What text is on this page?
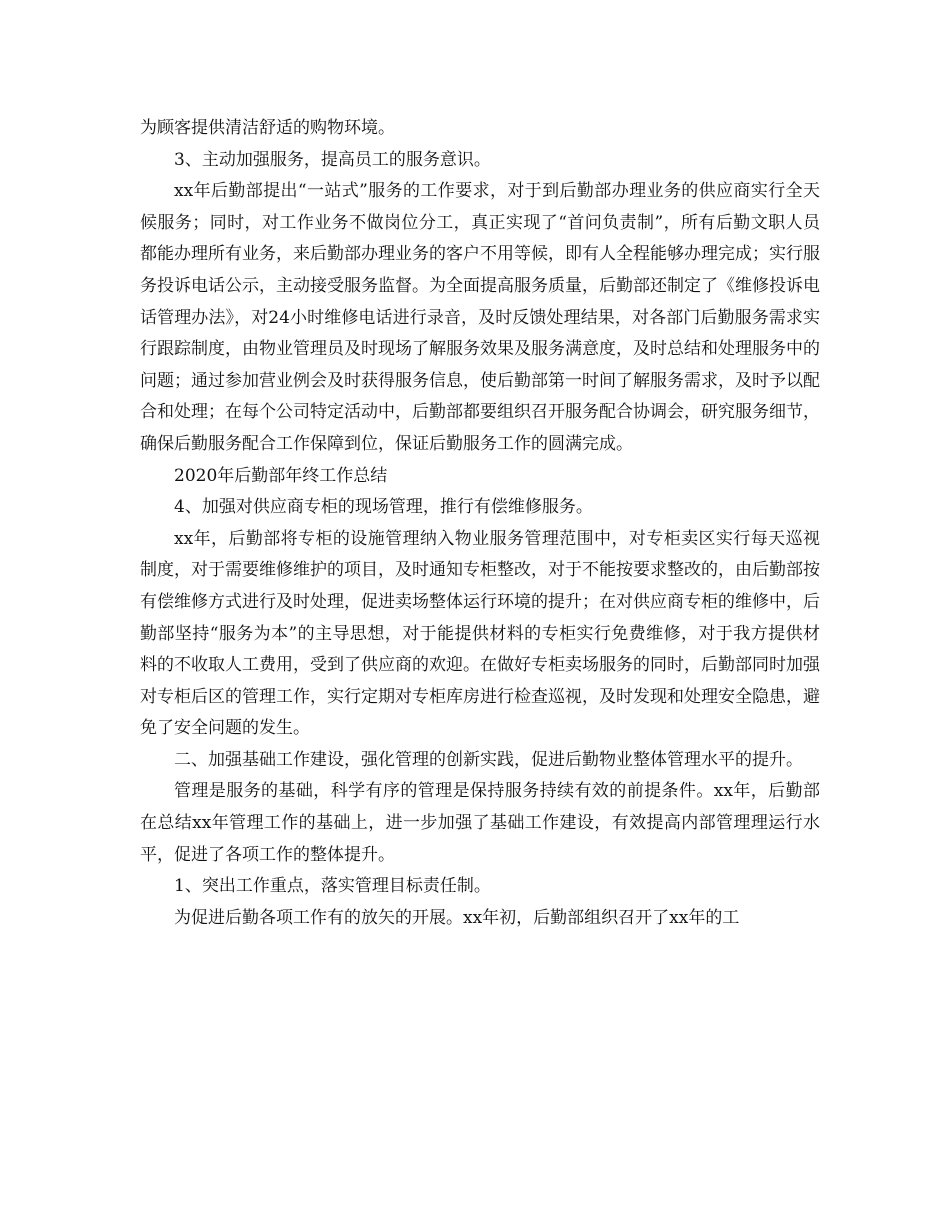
为顾客提供清洁舒适的购物环境。

3、主动加强服务，提高员工的服务意识。

xx年后勤部提出“一站式”服务的工作要求，对于到后勤部办理业务的供应商实行全天候服务；同时，对工作业务不做岗位分工，真正实现了“首问负责制”，所有后勤文职人员都能办理所有业务，来后勤部办理业务的客户不用等候，即有人全程能够办理完成；实行服务投诉电话公示，主动接受服务监督。为全面提高服务质量，后勤部还制定了《维修投诉电话管理办法》，对24小时维修电话进行录音，及时反馈处理结果，对各部门后勤服务需求实行跟踪制度，由物业管理员及时现场了解服务效果及服务满意度，及时总结和处理服务中的问题；通过参加营业例会及时获得服务信息，使后勤部第一时间了解服务需求，及时予以配合和处理；在每个公司特定活动中，后勤部都要组织召开服务配合协调会，研究服务细节，确保后勤服务配合工作保障到位，保证后勤服务工作的圆满完成。

2020年后勤部年终工作总结

4、加强对供应商专柜的现场管理，推行有偿维修服务。

xx年，后勤部将专柜的设施管理纳入物业服务管理范围中，对专柜卖区实行每天巡视制度，对于需要维修维护的项目，及时通知专柜整改，对于不能按要求整改的，由后勤部按有偿维修方式进行及时处理，促进卖场整体运行环境的提升；在对供应商专柜的维修中，后勤部坚持“服务为本”的主导思想，对于能提供材料的专柜实行免费维修，对于我方提供材料的不收取人工费用，受到了供应商的欢迎。在做好专柜卖场服务的同时，后勤部同时加强对专柜后区的管理工作，实行定期对专柜库房进行检查巡视，及时发现和处理安全隐患，避免了安全问题的发生。

二、加强基础工作建设，强化管理的创新实践，促进后勤物业整体管理水平的提升。

管理是服务的基础，科学有序的管理是保持服务持续有效的前提条件。xx年，后勤部在总结xx年管理工作的基础上，进一步加强了基础工作建设，有效提高内部管理理运行水平，促进了各项工作的整体提升。

1、突出工作重点，落实管理目标责任制。

为促进后勤各项工作有的放矢的开展。xx年初，后勤部组织召开了xx年的工
